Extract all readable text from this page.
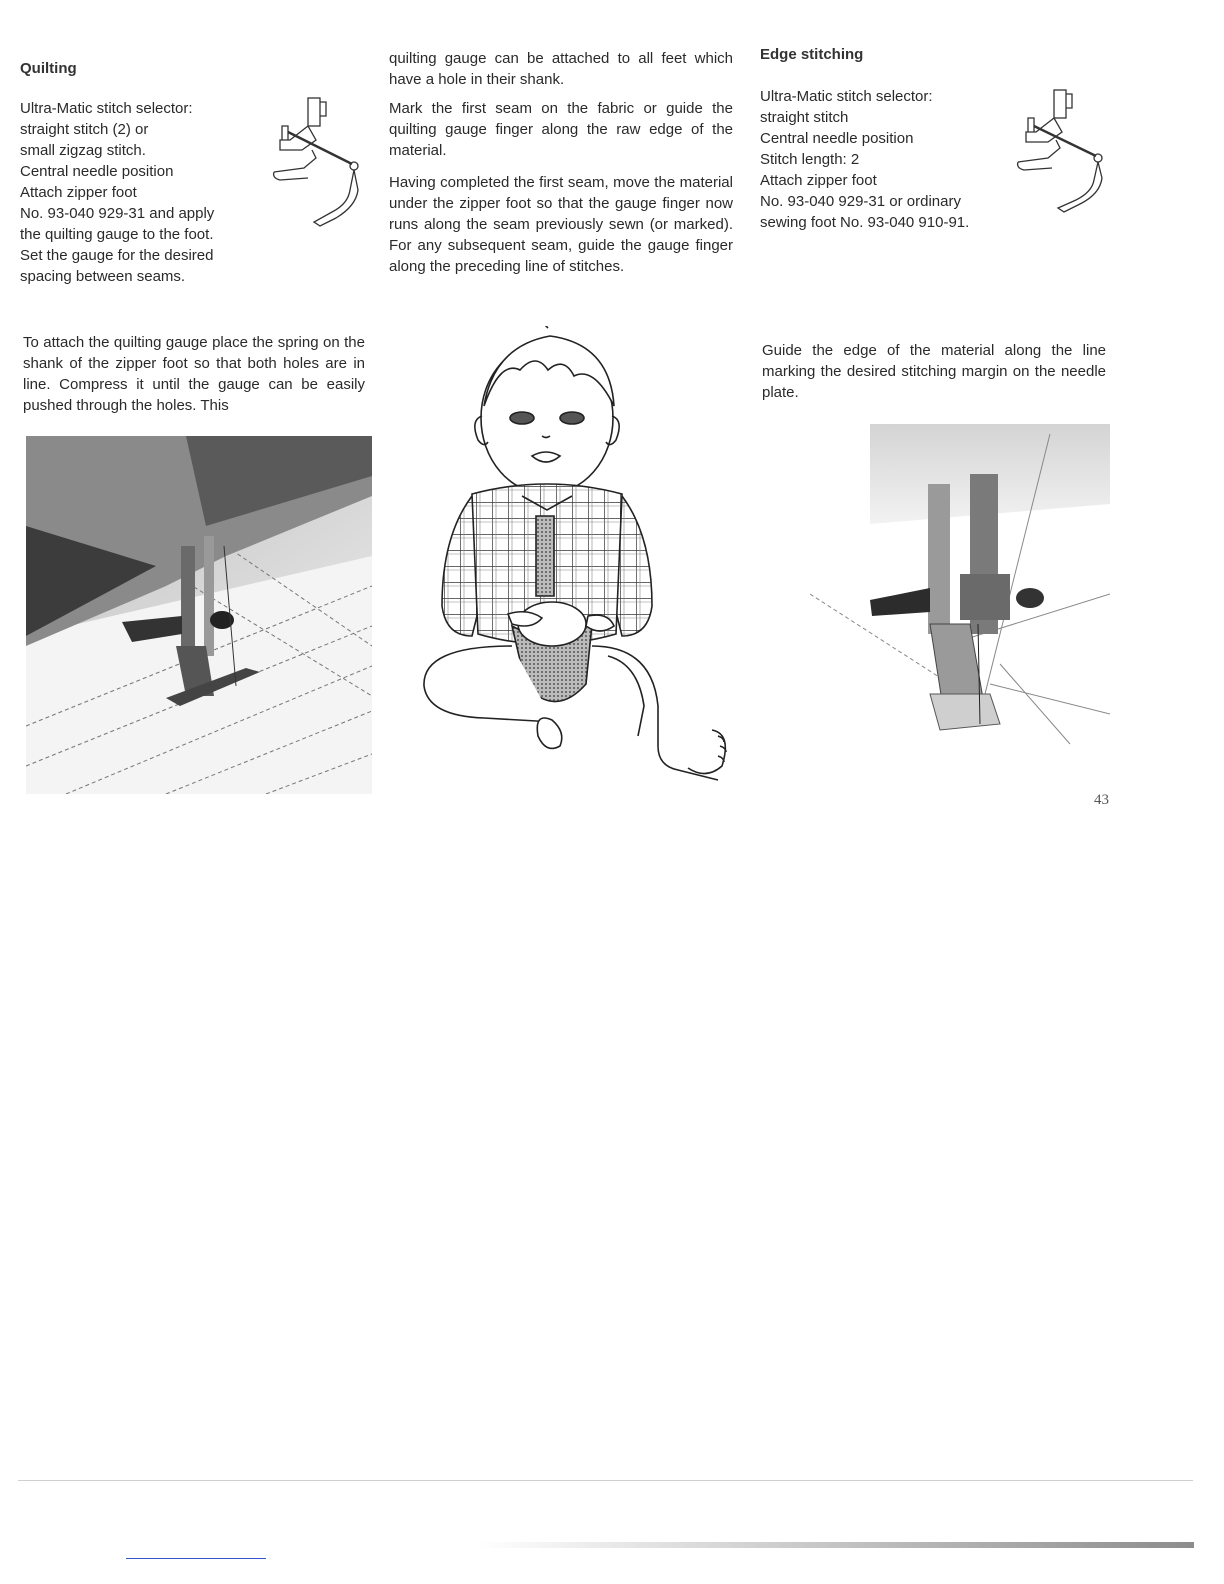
Quilting
Ultra-Matic stitch selector:
straight stitch (2) or
small zigzag stitch.
Central needle position
Attach zipper foot
No. 93-040 929-31 and apply
the quilting gauge to the foot.
Set the gauge for the desired
spacing between seams.

To attach the quilting gauge place the spring on the shank of the zipper foot so that both holes are in line. Compress it until the gauge can be easily pushed through the holes. This

quilting gauge can be attached to all feet which have a hole in their shank.

Mark the first seam on the fabric or guide the quilting gauge finger along the raw edge of the material.

Having completed the first seam, move the material under the zipper foot so that the gauge finger now runs along the seam previously sewn (or marked). For any subsequent seam, guide the gauge finger along the preceding line of stitches.

Edge stitching
Ultra-Matic stitch selector:
straight stitch
Central needle position
Stitch length: 2
Attach zipper foot
No. 93-040 929-31 or ordinary
sewing foot No. 93-040 910-91.

Guide the edge of the material along the line marking the desired stitching margin on the needle plate.

43
